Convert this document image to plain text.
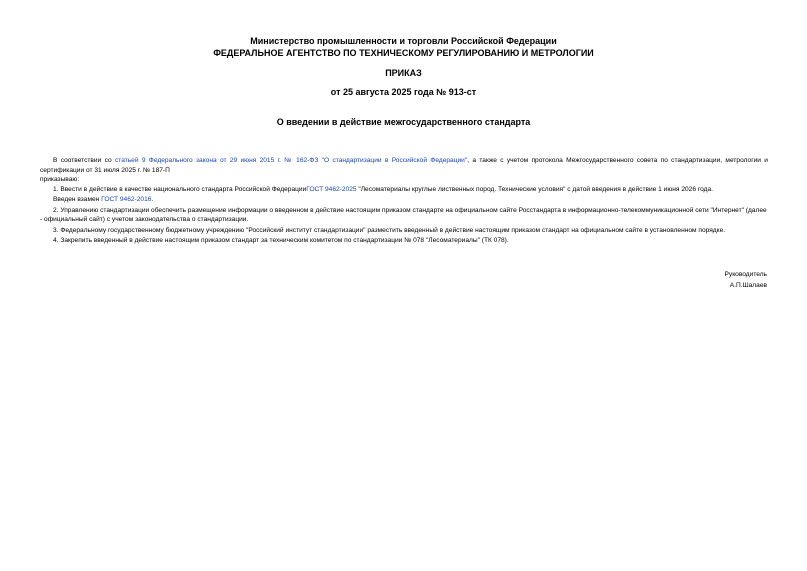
Министерство промышленности и торговли Российской Федерации
ФЕДЕРАЛЬНОЕ АГЕНТСТВО ПО ТЕХНИЧЕСКОМУ РЕГУЛИРОВАНИЮ И МЕТРОЛОГИИ
ПРИКАЗ
от 25 августа 2025 года № 913-ст
О введении в действие межгосударственного стандарта

В соответствии со статьей 9 Федерального закона от 29 июня 2015 г. № 162-ФЗ "О стандартизации в Российской Федерации", а также с учетом протокола Межгосударственного совета по стандартизации, метрологии и сертификации от 31 июля 2025 г. № 187-П

приказываю:

1. Ввести в действие в качестве национального стандарта Российской ФедерацииГОСТ 9462-2025 "Лесоматериалы круглые лиственных пород. Технические условия" с датой введения в действие 1 июня 2026 года.

Введен взамен ГОСТ 9462-2016.

2. Управлению стандартизации обеспечить размещение информации о введенном в действие настоящим приказом стандарте на официальном сайте Росстандарта в информационно-телекоммуникационной сети "Интернет" (далее - официальный сайт) с учетом законодательства о стандартизации.

3. Федеральному государственному бюджетному учреждению "Российский институт стандартизации" разместить введенный в действие настоящим приказом стандарт на официальном сайте в установленном порядке.

4. Закрепить введенный в действие настоящим приказом стандарт за техническим комитетом по стандартизации № 078 "Лесоматериалы" (ТК 078).

Руководитель
А.П.Шалаев
